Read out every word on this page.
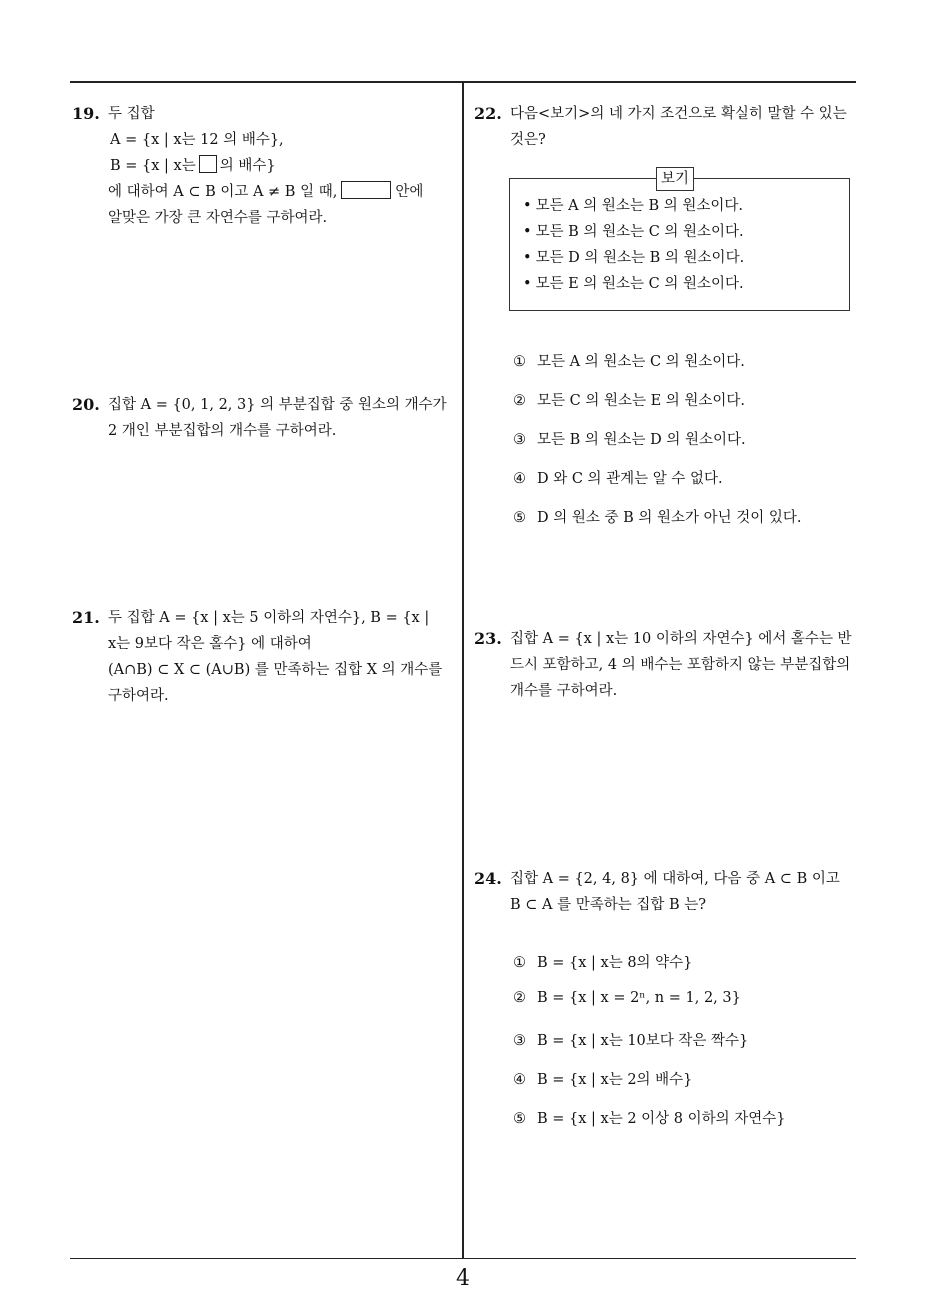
19. 두 집합
A = {x | x는 12 의 배수},
B = {x | x는 의 배수}
에 대하여 A ⊂ B 이고 A ≠ B 일 때,	안에
알맞은 가장 큰 자연수를 구하여라.
20. 집합 A = {0, 1, 2, 3} 의 부분집합 중 원소의 개수가
2 개인 부분집합의 개수를 구하여라.
21. 두 집합 A = {x | x는 5 이하의 자연수}, B = {x |
x는 9보다 작은 홀수} 에 대하여
(A∩B) ⊂ X ⊂ (A∪B) 를 만족하는 집합 X 의 개수를
구하여라.
22. 다음<보기>의 네 가지 조건으로 확실히 말할 수 있는
것은?
보기
• 모든 A 의 원소는 B 의 원소이다.
• 모든 B 의 원소는 C 의 원소이다.
• 모든 D 의 원소는 B 의 원소이다.
• 모든 E 의 원소는 C 의 원소이다.
① 모든 A 의 원소는 C 의 원소이다.
② 모든 C 의 원소는 E 의 원소이다.
③ 모든 B 의 원소는 D 의 원소이다.
④ D 와 C 의 관계는 알 수 없다.
⑤ D 의 원소 중 B 의 원소가 아닌 것이 있다.
23. 집합 A = {x | x는 10 이하의 자연수} 에서 홀수는 반
드시 포함하고, 4 의 배수는 포함하지 않는 부분집합의
개수를 구하여라.
24. 집합 A = {2, 4, 8} 에 대하여, 다음 중 A ⊂ B 이고
B ⊂ A 를 만족하는 집합 B 는?
① B = {x | x는 8의 약수}
② B = {x | x = 2ⁿ, n = 1, 2, 3}
③ B = {x | x는 10보다 작은 짝수}
④ B = {x | x는 2의 배수}
⑤ B = {x | x는 2 이상 8 이하의 자연수}
4
